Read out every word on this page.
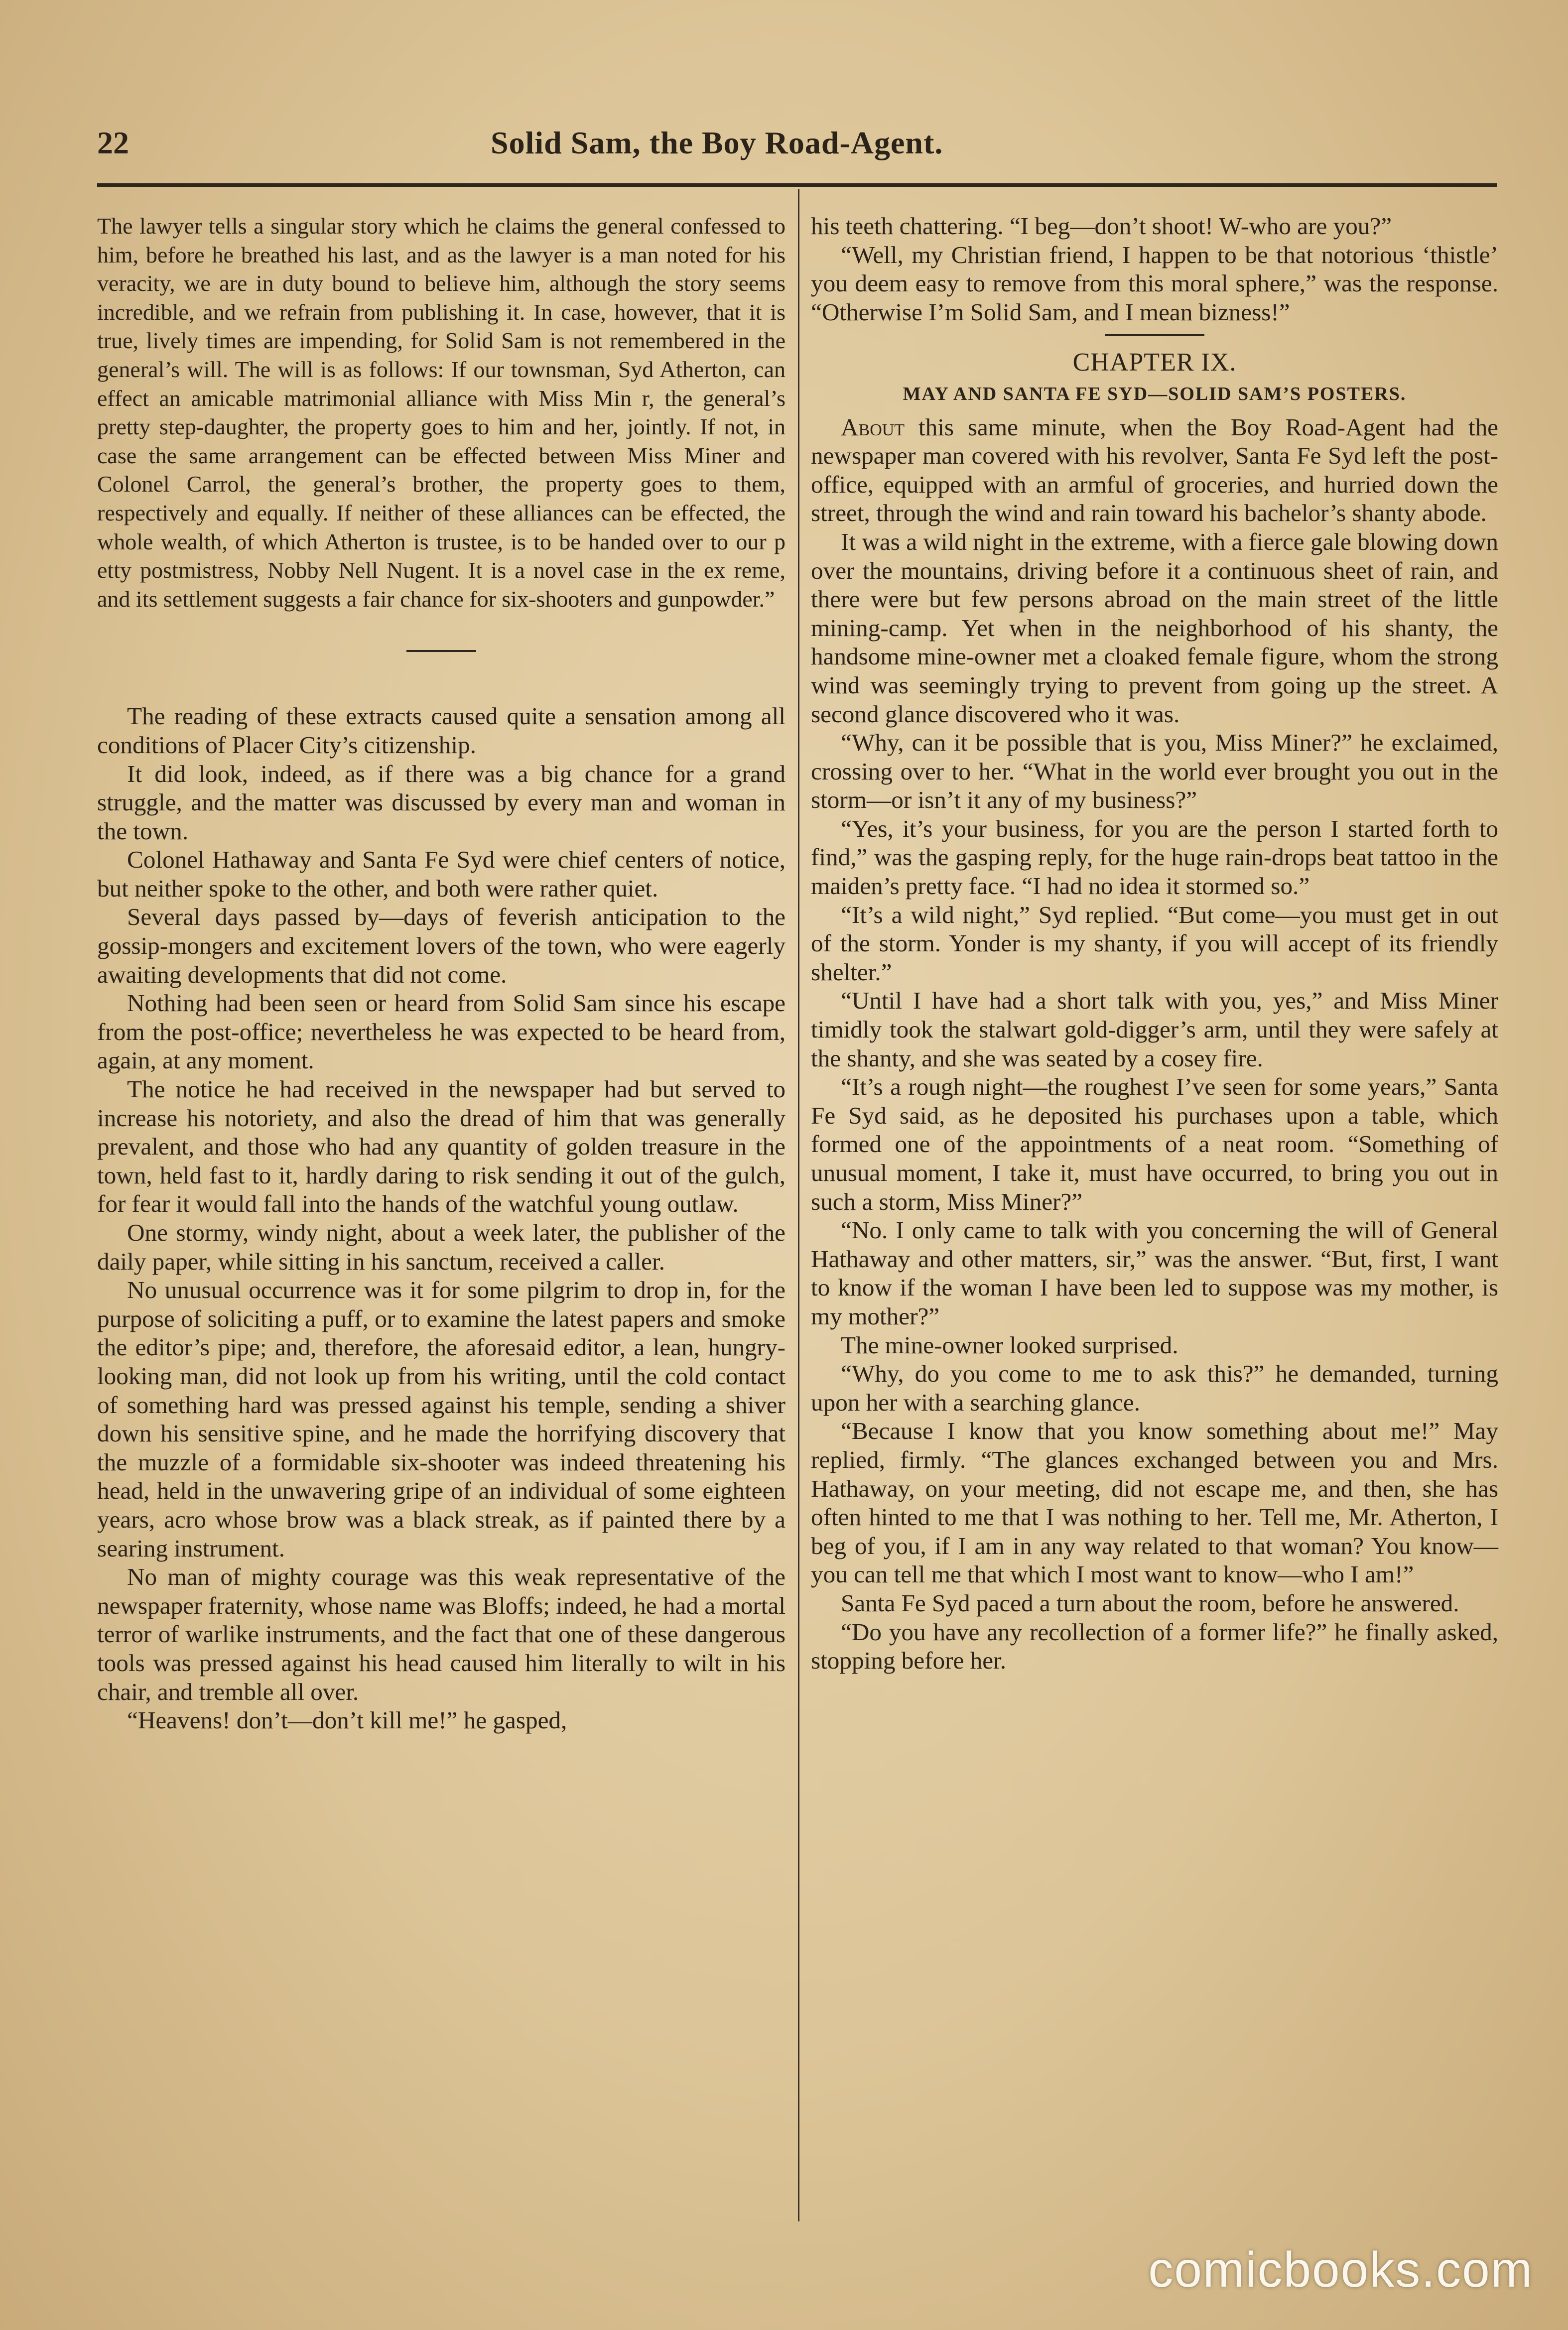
22	Solid Sam, the Boy Road-Agent.

The lawyer tells a singular story which he claims the general confessed to him, before he breathed his last, and as the lawyer is a man noted for his veracity, we are in duty bound to believe him, although the story seems incredible, and we refrain from publishing it. In case, however, that it is true, lively times are impending, for Solid Sam is not remembered in the general’s will. The will is as follows: If our townsman, Syd Atherton, can effect an amicable matrimonial alliance with Miss Min r, the general’s pretty step-daughter, the property goes to him and her, jointly. If not, in case the same arrangement can be effected between Miss Miner and Colonel Carrol, the general’s brother, the property goes to them, respectively and equally. If neither of these alliances can be effected, the whole wealth, of which Atherton is trustee, is to be handed over to our p etty postmistress, Nobby Nell Nugent. It is a novel case in the ex reme, and its settlement suggests a fair chance for six-shooters and gunpowder.”

The reading of these extracts caused quite a sensation among all conditions of Placer City’s citizenship.

It did look, indeed, as if there was a big chance for a grand struggle, and the matter was discussed by every man and woman in the town.

Colonel Hathaway and Santa Fe Syd were chief centers of notice, but neither spoke to the other, and both were rather quiet.

Several days passed by—days of feverish anticipation to the gossip-mongers and excitement lovers of the town, who were eagerly awaiting developments that did not come.

Nothing had been seen or heard from Solid Sam since his escape from the post-office; nevertheless he was expected to be heard from, again, at any moment.

The notice he had received in the newspaper had but served to increase his notoriety, and also the dread of him that was generally prevalent, and those who had any quantity of golden treasure in the town, held fast to it, hardly daring to risk sending it out of the gulch, for fear it would fall into the hands of the watchful young outlaw.

One stormy, windy night, about a week later, the publisher of the daily paper, while sitting in his sanctum, received a caller.

No unusual occurrence was it for some pilgrim to drop in, for the purpose of soliciting a puff, or to examine the latest papers and smoke the editor’s pipe; and, therefore, the aforesaid editor, a lean, hungry-looking man, did not look up from his writing, until the cold contact of something hard was pressed against his temple, sending a shiver down his sensitive spine, and he made the horrifying discovery that the muzzle of a formidable six-shooter was indeed threatening his head, held in the unwavering gripe of an individual of some eighteen years, acro whose brow was a black streak, as if painted there by a searing instrument.

No man of mighty courage was this weak representative of the newspaper fraternity, whose name was Bloffs; indeed, he had a mortal terror of warlike instruments, and the fact that one of these dangerous tools was pressed against his head caused him literally to wilt in his chair, and tremble all over.

“Heavens! don’t—don’t kill me!” he gasped,

his teeth chattering. “I beg—don’t shoot! W-who are you?”

“Well, my Christian friend, I happen to be that notorious ‘thistle’ you deem easy to remove from this moral sphere,” was the response. “Otherwise I’m Solid Sam, and I mean bizness!”

CHAPTER IX.
MAY AND SANTA FE SYD—SOLID SAM’S POSTERS.

About this same minute, when the Boy Road-Agent had the newspaper man covered with his revolver, Santa Fe Syd left the post-office, equipped with an armful of groceries, and hurried down the street, through the wind and rain toward his bachelor’s shanty abode.

It was a wild night in the extreme, with a fierce gale blowing down over the mountains, driving before it a continuous sheet of rain, and there were but few persons abroad on the main street of the little mining-camp. Yet when in the neighborhood of his shanty, the handsome mine-owner met a cloaked female figure, whom the strong wind was seemingly trying to prevent from going up the street. A second glance discovered who it was.

“Why, can it be possible that is you, Miss Miner?” he exclaimed, crossing over to her. “What in the world ever brought you out in the storm—or isn’t it any of my business?”

“Yes, it’s your business, for you are the person I started forth to find,” was the gasping reply, for the huge rain-drops beat tattoo in the maiden’s pretty face. “I had no idea it stormed so.”

“It’s a wild night,” Syd replied. “But come—you must get in out of the storm. Yonder is my shanty, if you will accept of its friendly shelter.”

“Until I have had a short talk with you, yes,” and Miss Miner timidly took the stalwart gold-digger’s arm, until they were safely at the shanty, and she was seated by a cosey fire.

“It’s a rough night—the roughest I’ve seen for some years,” Santa Fe Syd said, as he deposited his purchases upon a table, which formed one of the appointments of a neat room. “Something of unusual moment, I take it, must have occurred, to bring you out in such a storm, Miss Miner?”

“No. I only came to talk with you concerning the will of General Hathaway and other matters, sir,” was the answer. “But, first, I want to know if the woman I have been led to suppose was my mother, is my mother?”

The mine-owner looked surprised.

“Why, do you come to me to ask this?” he demanded, turning upon her with a searching glance.

“Because I know that you know something about me!” May replied, firmly. “The glances exchanged between you and Mrs. Hathaway, on your meeting, did not escape me, and then, she has often hinted to me that I was nothing to her. Tell me, Mr. Atherton, I beg of you, if I am in any way related to that woman? You know—you can tell me that which I most want to know—who I am!”

Santa Fe Syd paced a turn about the room, before he answered.

“Do you have any recollection of a former life?” he finally asked, stopping before her.

comicbooks.com
